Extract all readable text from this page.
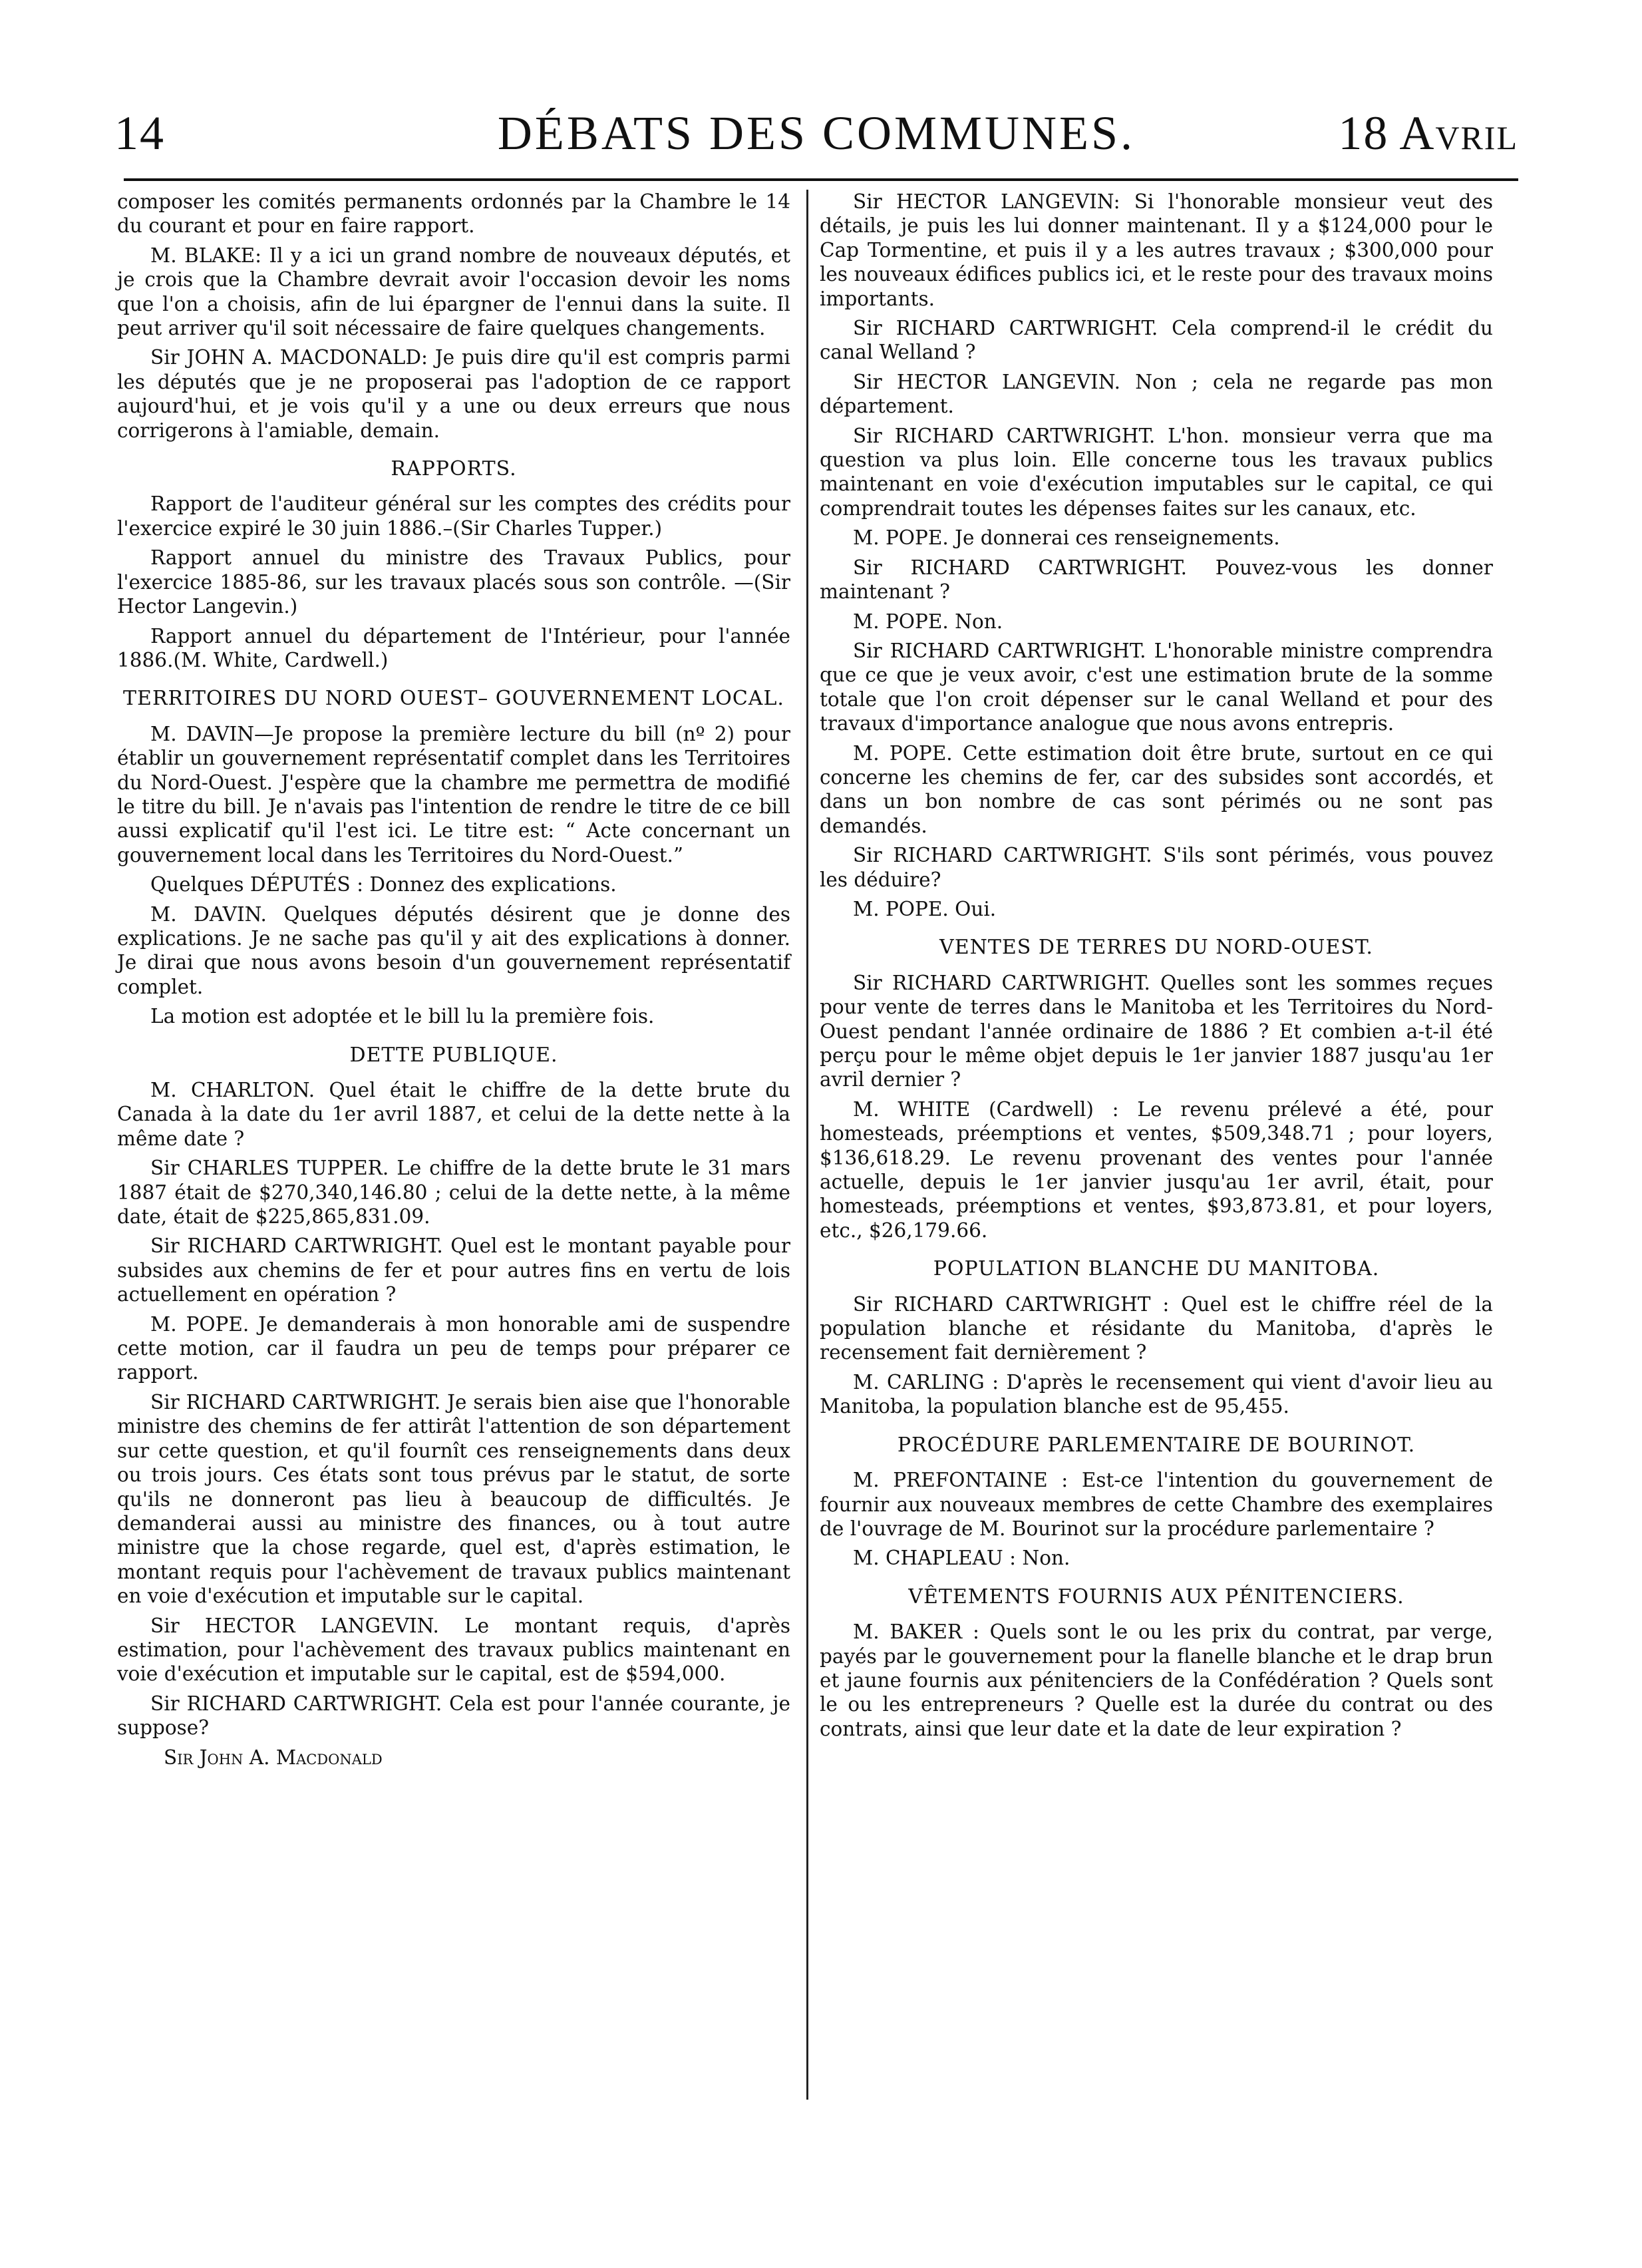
14	DÉBATS DES COMMUNES.	18 Avril

composer les comités permanents ordonnés par la Chambre le 14 du courant et pour en faire rapport.

M. BLAKE: Il y a ici un grand nombre de nouveaux députés, et je crois que la Chambre devrait avoir l'occasion devoir les noms que l'on a choisis, afin de lui épargner de l'ennui dans la suite. Il peut arriver qu'il soit nécessaire de faire quelques changements.

Sir JOHN A. MACDONALD: Je puis dire qu'il est compris parmi les députés que je ne proposerai pas l'adoption de ce rapport aujourd'hui, et je vois qu'il y a une ou deux erreurs que nous corrigerons à l'amiable, demain.

RAPPORTS.

Rapport de l'auditeur général sur les comptes des crédits pour l'exercice expiré le 30 juin 1886.–(Sir Charles Tupper.)

Rapport annuel du ministre des Travaux Publics, pour l'exercice 1885-86, sur les travaux placés sous son contrôle. —(Sir Hector Langevin.)

Rapport annuel du département de l'Intérieur, pour l'année 1886.(M. White, Cardwell.)

TERRITOIRES DU NORD OUEST– GOUVERNEMENT LOCAL.

M. DAVIN—Je propose la première lecture du bill (nº 2) pour établir un gouvernement représentatif complet dans les Territoires du Nord-Ouest. J'espère que la chambre me permettra de modifié le titre du bill. Je n'avais pas l'intention de rendre le titre de ce bill aussi explicatif qu'il l'est ici. Le titre est: “ Acte concernant un gouvernement local dans les Territoires du Nord-Ouest.”

Quelques DÉPUTÉS : Donnez des explications.

M. DAVIN. Quelques députés désirent que je donne des explications. Je ne sache pas qu'il y ait des explications à donner. Je dirai que nous avons besoin d'un gouvernement représentatif complet.

La motion est adoptée et le bill lu la première fois.

DETTE PUBLIQUE.

M. CHARLTON. Quel était le chiffre de la dette brute du Canada à la date du 1er avril 1887, et celui de la dette nette à la même date ?

Sir CHARLES TUPPER. Le chiffre de la dette brute le 31 mars 1887 était de $270,340,146.80 ; celui de la dette nette, à la même date, était de $225,865,831.09.

Sir RICHARD CARTWRIGHT. Quel est le montant payable pour subsides aux chemins de fer et pour autres fins en vertu de lois actuellement en opération ?

M. POPE. Je demanderais à mon honorable ami de suspendre cette motion, car il faudra un peu de temps pour préparer ce rapport.

Sir RICHARD CARTWRIGHT. Je serais bien aise que l'honorable ministre des chemins de fer attirât l'attention de son département sur cette question, et qu'il fournît ces renseignements dans deux ou trois jours. Ces états sont tous prévus par le statut, de sorte qu'ils ne donneront pas lieu à beaucoup de difficultés. Je demanderai aussi au ministre des finances, ou à tout autre ministre que la chose regarde, quel est, d'après estimation, le montant requis pour l'achèvement de travaux publics maintenant en voie d'exécution et imputable sur le capital.

Sir HECTOR LANGEVIN. Le montant requis, d'après estimation, pour l'achèvement des travaux publics maintenant en voie d'exécution et imputable sur le capital, est de $594,000.

Sir RICHARD CARTWRIGHT. Cela est pour l'année courante, je suppose?

Sir John A. Macdonald

Sir HECTOR LANGEVIN: Si l'honorable monsieur veut des détails, je puis les lui donner maintenant. Il y a $124,000 pour le Cap Tormentine, et puis il y a les autres travaux ; $300,000 pour les nouveaux édifices publics ici, et le reste pour des travaux moins importants.

Sir RICHARD CARTWRIGHT. Cela comprend-il le crédit du canal Welland ?

Sir HECTOR LANGEVIN. Non ; cela ne regarde pas mon département.

Sir RICHARD CARTWRIGHT. L'hon. monsieur verra que ma question va plus loin. Elle concerne tous les travaux publics maintenant en voie d'exécution imputables sur le capital, ce qui comprendrait toutes les dépenses faites sur les canaux, etc.

M. POPE. Je donnerai ces renseignements.

Sir RICHARD CARTWRIGHT. Pouvez-vous les donner maintenant ?

M. POPE. Non.

Sir RICHARD CARTWRIGHT. L'honorable ministre comprendra que ce que je veux avoir, c'est une estimation brute de la somme totale que l'on croit dépenser sur le canal Welland et pour des travaux d'importance analogue que nous avons entrepris.

M. POPE. Cette estimation doit être brute, surtout en ce qui concerne les chemins de fer, car des subsides sont accordés, et dans un bon nombre de cas sont périmés ou ne sont pas demandés.

Sir RICHARD CARTWRIGHT. S'ils sont périmés, vous pouvez les déduire?

M. POPE. Oui.

VENTES DE TERRES DU NORD-OUEST.

Sir RICHARD CARTWRIGHT. Quelles sont les sommes reçues pour vente de terres dans le Manitoba et les Territoires du Nord-Ouest pendant l'année ordinaire de 1886 ? Et combien a-t-il été perçu pour le même objet depuis le 1er janvier 1887 jusqu'au 1er avril dernier ?

M. WHITE (Cardwell) : Le revenu prélevé a été, pour homesteads, préemptions et ventes, $509,348.71 ; pour loyers, $136,618.29. Le revenu provenant des ventes pour l'année actuelle, depuis le 1er janvier jusqu'au 1er avril, était, pour homesteads, préemptions et ventes, $93,873.81, et pour loyers, etc., $26,179.66.

POPULATION BLANCHE DU MANITOBA.

Sir RICHARD CARTWRIGHT : Quel est le chiffre réel de la population blanche et résidante du Manitoba, d'après le recensement fait dernièrement ?

M. CARLING : D'après le recensement qui vient d'avoir lieu au Manitoba, la population blanche est de 95,455.

PROCÉDURE PARLEMENTAIRE DE BOURINOT.

M. PREFONTAINE : Est-ce l'intention du gouvernement de fournir aux nouveaux membres de cette Chambre des exemplaires de l'ouvrage de M. Bourinot sur la procédure parlementaire ?

M. CHAPLEAU : Non.

VÊTEMENTS FOURNIS AUX PÉNITENCIERS.

M. BAKER : Quels sont le ou les prix du contrat, par verge, payés par le gouvernement pour la flanelle blanche et le drap brun et jaune fournis aux pénitenciers de la Confédération ? Quels sont le ou les entrepreneurs ? Quelle est la durée du contrat ou des contrats, ainsi que leur date et la date de leur expiration ?
